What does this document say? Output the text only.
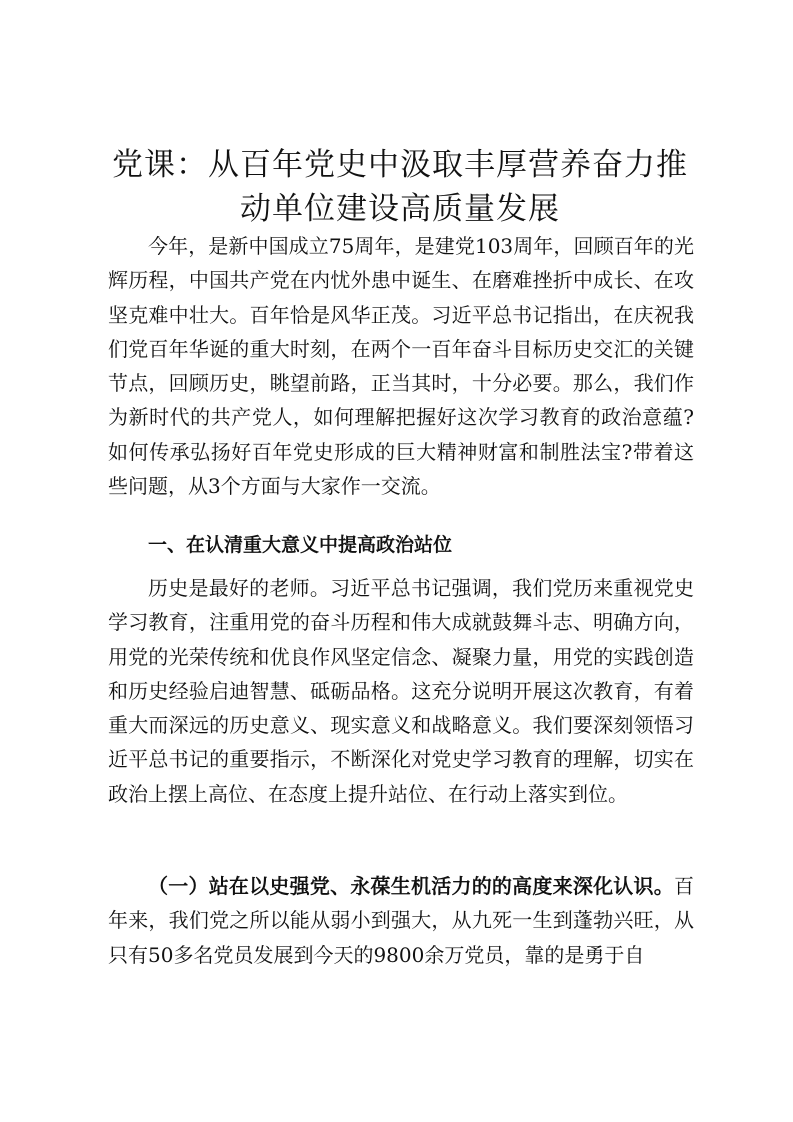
党课：从百年党史中汲取丰厚营养奋力推动单位建设高质量发展

今年，是新中国成立75周年，是建党103周年，回顾百年的光辉历程，中国共产党在内忧外患中诞生、在磨难挫折中成长、在攻坚克难中壮大。百年恰是风华正茂。习近平总书记指出，在庆祝我们党百年华诞的重大时刻，在两个一百年奋斗目标历史交汇的关键节点，回顾历史，眺望前路，正当其时，十分必要。那么，我们作为新时代的共产党人，如何理解把握好这次学习教育的政治意蕴?如何传承弘扬好百年党史形成的巨大精神财富和制胜法宝?带着这些问题，从3个方面与大家作一交流。

一、在认清重大意义中提高政治站位

历史是最好的老师。习近平总书记强调，我们党历来重视党史学习教育，注重用党的奋斗历程和伟大成就鼓舞斗志、明确方向，用党的光荣传统和优良作风坚定信念、凝聚力量，用党的实践创造和历史经验启迪智慧、砥砺品格。这充分说明开展这次教育，有着重大而深远的历史意义、现实意义和战略意义。我们要深刻领悟习近平总书记的重要指示，不断深化对党史学习教育的理解，切实在政治上摆上高位、在态度上提升站位、在行动上落实到位。

（一）站在以史强党、永葆生机活力的的高度来深化认识。百年来，我们党之所以能从弱小到强大，从九死一生到蓬勃兴旺，从只有50多名党员发展到今天的9800余万党员，靠的是勇于自
